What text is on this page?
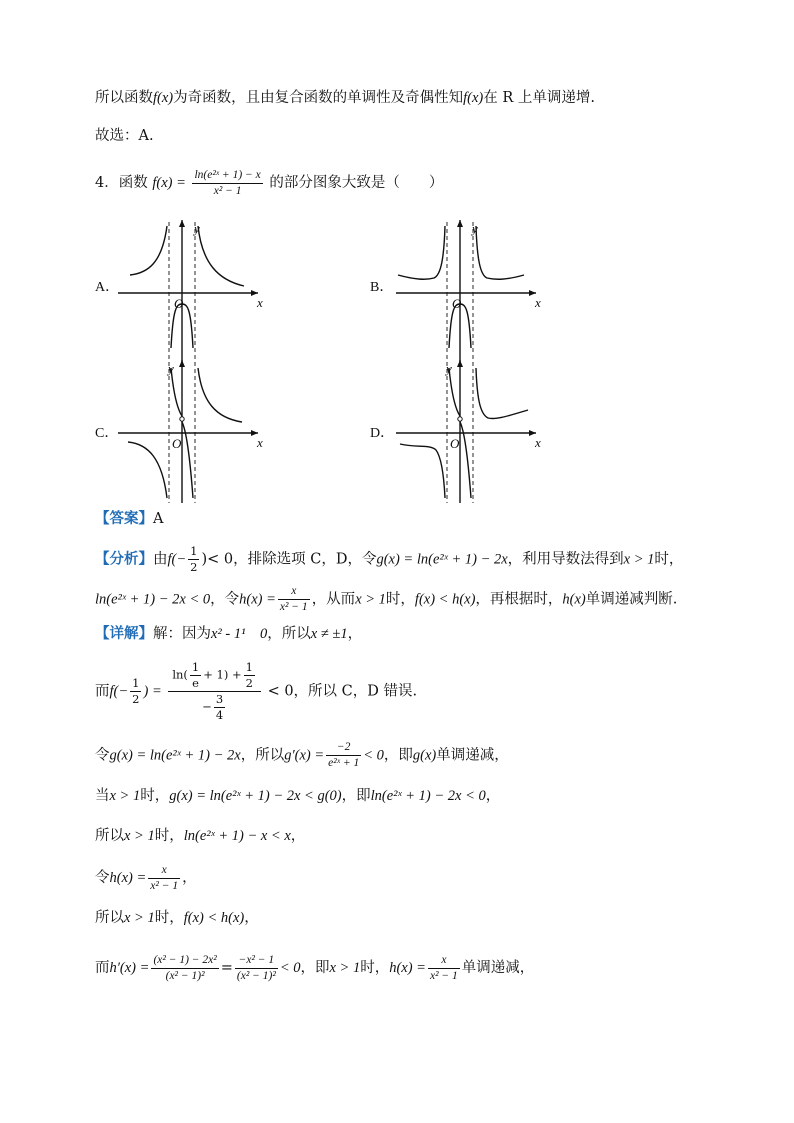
所以函数f(x)为奇函数，且由复合函数的单调性及奇偶性知f(x)在 R 上单调递增.
故选：A.
4．函数 $f(x) = \frac{\text{ln(e²ˣ + 1) − x}}{\text{x² − 1}}$ 的部分图象大致是（　　）
A．	B．
C．	D．
y
x
O
y
x
O
y
x
O
y
x
O
【答案】A
【分析】由$f(- \frac{1}{2}$ )< 0，排除选项 C，D，令g(x) = ln(e²ˣ + 1) − 2x，利用导数法得到x > 1时，
ln(e²ˣ + 1) − 2x < 0，令$h(x) = \frac{x}{\text{x² − 1}}$ ，从而x > 1时，f(x) < h(x)，再根据时，h(x)单调递减判断.
【详解】解：因为x² - 1¹　0，所以x ≠ ±1，
而$f(- \frac{1}{2}$ ) = $\frac{\ln( \frac{1}{e} + 1) + \frac{1}{2}}{- \frac{3}{4}} < 0$，所以 C，D 错误.
令g(x) = ln(e²ˣ + 1) − 2x，所以$g'(x) = \frac{-2}{\text{e²ˣ + 1}} < 0$，即g(x)单调递减，
当x > 1时，g(x) = ln(e²ˣ + 1) − 2x < g(0)，即ln(e²ˣ + 1) − 2x < 0，
所以x > 1时，ln(e²ˣ + 1) − x < x，
令$h(x) = \frac{x}{\text{x² − 1}}$ ，
所以x > 1时，f(x) < h(x)，
而$h'(x) = \frac{\text{(x² − 1) − 2x²}}{\text{(x² − 1)²}} = \frac{\text{−x² − 1}}{\text{(x² − 1)²}} < 0$，即x > 1时，$h(x) = \frac{x}{\text{x² − 1}}$ 单调递减，
